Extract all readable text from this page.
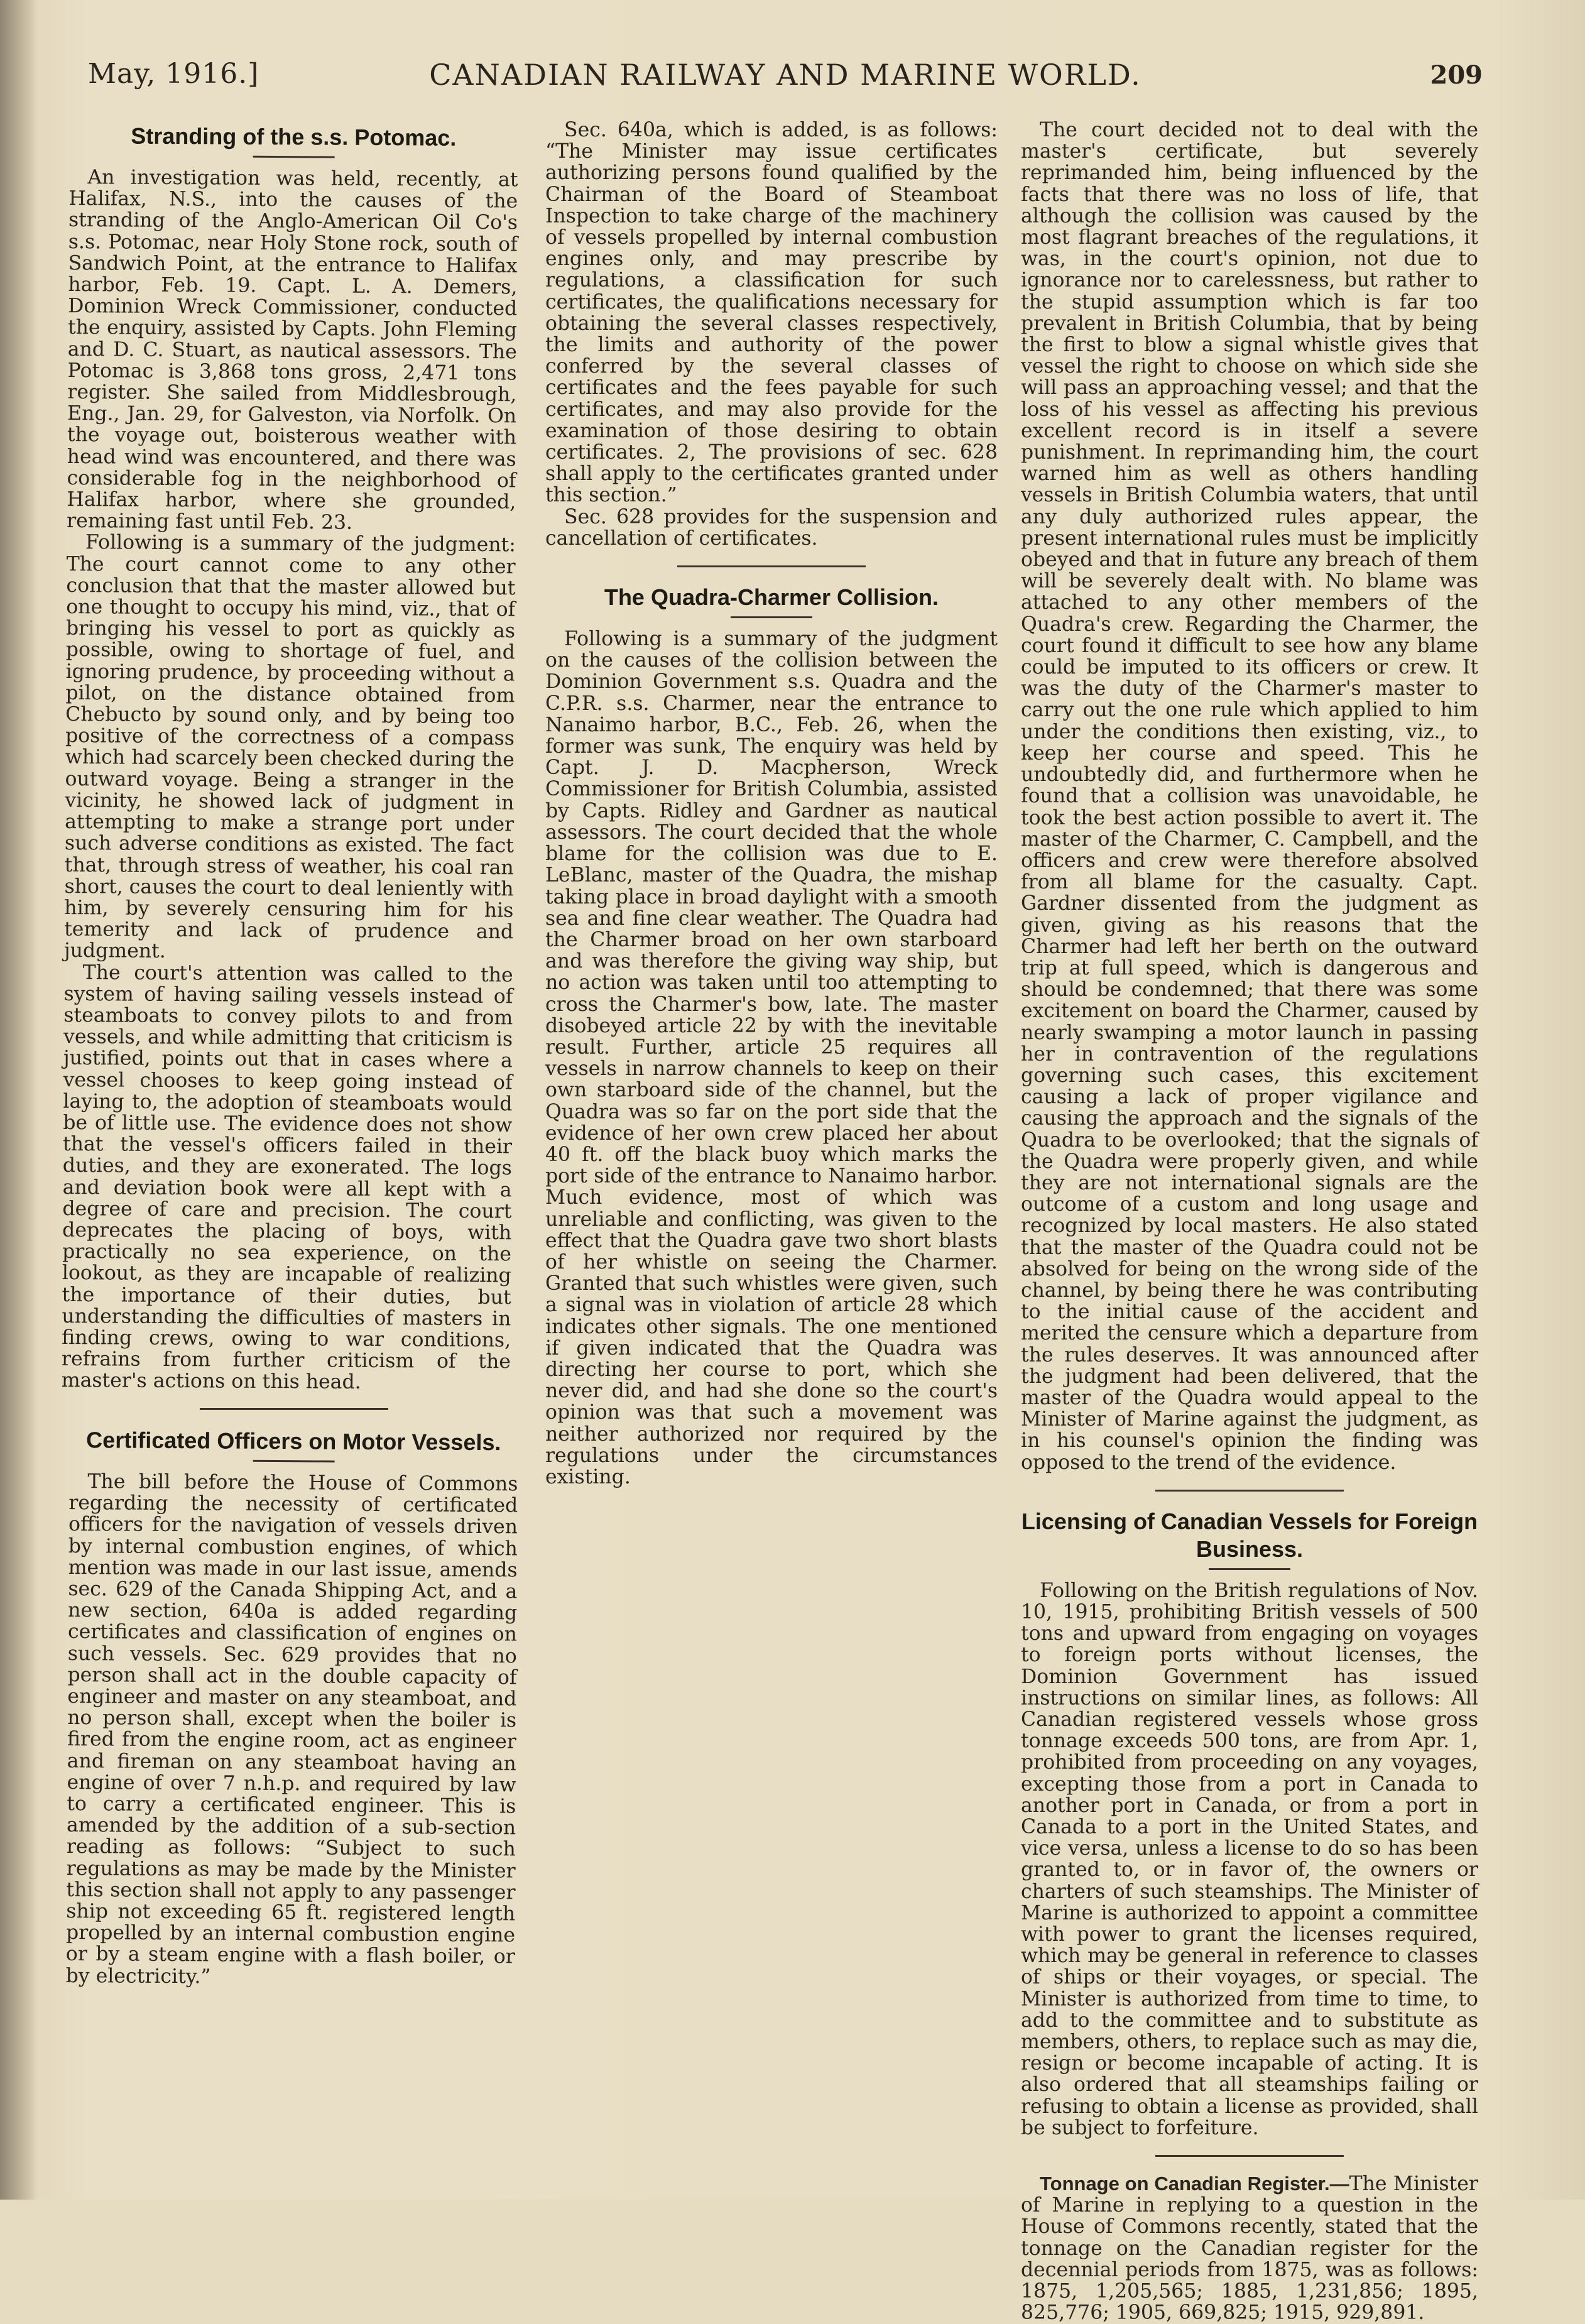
May, 1916.]	CANADIAN RAILWAY AND MARINE WORLD.	209
Stranding of the s.s. Potomac.

An investigation was held, recently, at Halifax, N.S., into the causes of the stranding of the Anglo-American Oil Co's s.s. Potomac, near Holy Stone rock, south of Sandwich Point, at the entrance to Halifax harbor, Feb. 19. Capt. L. A. Demers, Dominion Wreck Commissioner, conducted the enquiry, assisted by Capts. John Fleming and D. C. Stuart, as nautical assessors. The Potomac is 3,868 tons gross, 2,471 tons register. She sailed from Middlesbrough, Eng., Jan. 29, for Galveston, via Norfolk. On the voyage out, boisterous weather with head wind was encountered, and there was considerable fog in the neighborhood of Halifax harbor, where she grounded, remaining fast until Feb. 23.

Following is a summary of the judgment: The court cannot come to any other conclusion that that the master allowed but one thought to occupy his mind, viz., that of bringing his vessel to port as quickly as possible, owing to shortage of fuel, and ignoring prudence, by proceeding without a pilot, on the distance obtained from Chebucto by sound only, and by being too positive of the correctness of a compass which had scarcely been checked during the outward voyage. Being a stranger in the vicinity, he showed lack of judgment in attempting to make a strange port under such adverse conditions as existed. The fact that, through stress of weather, his coal ran short, causes the court to deal leniently with him, by severely censuring him for his temerity and lack of prudence and judgment.

The court's attention was called to the system of having sailing vessels instead of steamboats to convey pilots to and from vessels, and while admitting that criticism is justified, points out that in cases where a vessel chooses to keep going instead of laying to, the adoption of steamboats would be of little use. The evidence does not show that the vessel's officers failed in their duties, and they are exonerated. The logs and deviation book were all kept with a degree of care and precision. The court deprecates the placing of boys, with practically no sea experience, on the lookout, as they are incapable of realizing the importance of their duties, but understanding the difficulties of masters in finding crews, owing to war conditions, refrains from further criticism of the master's actions on this head.

Certificated Officers on Motor Vessels.

The bill before the House of Commons regarding the necessity of certificated officers for the navigation of vessels driven by internal combustion engines, of which mention was made in our last issue, amends sec. 629 of the Canada Shipping Act, and a new section, 640a is added regarding certificates and classification of engines on such vessels. Sec. 629 provides that no person shall act in the double capacity of engineer and master on any steamboat, and no person shall, except when the boiler is fired from the engine room, act as engineer and fireman on any steamboat having an engine of over 7 n.h.p. and required by law to carry a certificated engineer. This is amended by the addition of a sub-section reading as follows: “Subject to such regulations as may be made by the Minister this section shall not apply to any passenger ship not exceeding 65 ft. registered length propelled by an internal combustion engine or by a steam engine with a flash boiler, or by electricity.”

Sec. 640a, which is added, is as follows: “The Minister may issue certificates authorizing persons found qualified by the Chairman of the Board of Steamboat Inspection to take charge of the machinery of vessels propelled by internal combustion engines only, and may prescribe by regulations, a classification for such certificates, the qualifications necessary for obtaining the several classes respectively, the limits and authority of the power conferred by the several classes of certificates and the fees payable for such certificates, and may also provide for the examination of those desiring to obtain certificates. 2, The provisions of sec. 628 shall apply to the certificates granted under this section.”

Sec. 628 provides for the suspension and cancellation of certificates.

The Quadra-Charmer Collision.

Following is a summary of the judgment on the causes of the collision between the Dominion Government s.s. Quadra and the C.P.R. s.s. Charmer, near the entrance to Nanaimo harbor, B.C., Feb. 26, when the former was sunk, The enquiry was held by Capt. J. D. Macpherson, Wreck Commissioner for British Columbia, assisted by Capts. Ridley and Gardner as nautical assessors. The court decided that the whole blame for the collision was due to E. LeBlanc, master of the Quadra, the mishap taking place in broad daylight with a smooth sea and fine clear weather. The Quadra had the Charmer broad on her own starboard and was therefore the giving way ship, but no action was taken until too attempting to cross the Charmer's bow, late. The master disobeyed article 22 by with the inevitable result. Further, article 25 requires all vessels in narrow channels to keep on their own starboard side of the channel, but the Quadra was so far on the port side that the evidence of her own crew placed her about 40 ft. off the black buoy which marks the port side of the entrance to Nanaimo harbor. Much evidence, most of which was unreliable and conflicting, was given to the effect that the Quadra gave two short blasts of her whistle on seeing the Charmer. Granted that such whistles were given, such a signal was in violation of article 28 which indicates other signals. The one mentioned if given indicated that the Quadra was directing her course to port, which she never did, and had she done so the court's opinion was that such a movement was neither authorized nor required by the regulations under the circumstances existing.

The court decided not to deal with the master's certificate, but severely reprimanded him, being influenced by the facts that there was no loss of life, that although the collision was caused by the most flagrant breaches of the regulations, it was, in the court's opinion, not due to ignorance nor to carelessness, but rather to the stupid assumption which is far too prevalent in British Columbia, that by being the first to blow a signal whistle gives that vessel the right to choose on which side she will pass an approaching vessel; and that the loss of his vessel as affecting his previous excellent record is in itself a severe punishment. In reprimanding him, the court warned him as well as others handling vessels in British Columbia waters, that until any duly authorized rules appear, the present international rules must be implicitly obeyed and that in future any breach of them will be severely dealt with. No blame was attached to any other members of the Quadra's crew. Regarding the Charmer, the court found it difficult to see how any blame could be imputed to its officers or crew. It was the duty of the Charmer's master to carry out the one rule which applied to him under the conditions then existing, viz., to keep her course and speed. This he undoubtedly did, and furthermore when he found that a collision was unavoidable, he took the best action possible to avert it. The master of the Charmer, C. Campbell, and the officers and crew were therefore absolved from all blame for the casualty. Capt. Gardner dissented from the judgment as given, giving as his reasons that the Charmer had left her berth on the outward trip at full speed, which is dangerous and should be condemned; that there was some excitement on board the Charmer, caused by nearly swamping a motor launch in passing her in contravention of the regulations governing such cases, this excitement causing a lack of proper vigilance and causing the approach and the signals of the Quadra to be overlooked; that the signals of the Quadra were properly given, and while they are not international signals are the outcome of a custom and long usage and recognized by local masters. He also stated that the master of the Quadra could not be absolved for being on the wrong side of the channel, by being there he was contributing to the initial cause of the accident and merited the censure which a departure from the rules deserves. It was announced after the judgment had been delivered, that the master of the Quadra would appeal to the Minister of Marine against the judgment, as in his counsel's opinion the finding was opposed to the trend of the evidence.

Licensing of Canadian Vessels for Foreign Business.

Following on the British regulations of Nov. 10, 1915, prohibiting British vessels of 500 tons and upward from engaging on voyages to foreign ports without licenses, the Dominion Government has issued instructions on similar lines, as follows: All Canadian registered vessels whose gross tonnage exceeds 500 tons, are from Apr. 1, prohibited from proceeding on any voyages, excepting those from a port in Canada to another port in Canada, or from a port in Canada to a port in the United States, and vice versa, unless a license to do so has been granted to, or in favor of, the owners or charters of such steamships. The Minister of Marine is authorized to appoint a committee with power to grant the licenses required, which may be general in reference to classes of ships or their voyages, or special. The Minister is authorized from time to time, to add to the committee and to substitute as members, others, to replace such as may die, resign or become incapable of acting. It is also ordered that all steamships failing or refusing to obtain a license as provided, shall be subject to forfeiture.

Tonnage on Canadian Register.—The Minister of Marine in replying to a question in the House of Commons recently, stated that the tonnage on the Canadian register for the decennial periods from 1875, was as follows: 1875, 1,205,565; 1885, 1,231,856; 1895, 825,776; 1905, 669,825; 1915, 929,891.
